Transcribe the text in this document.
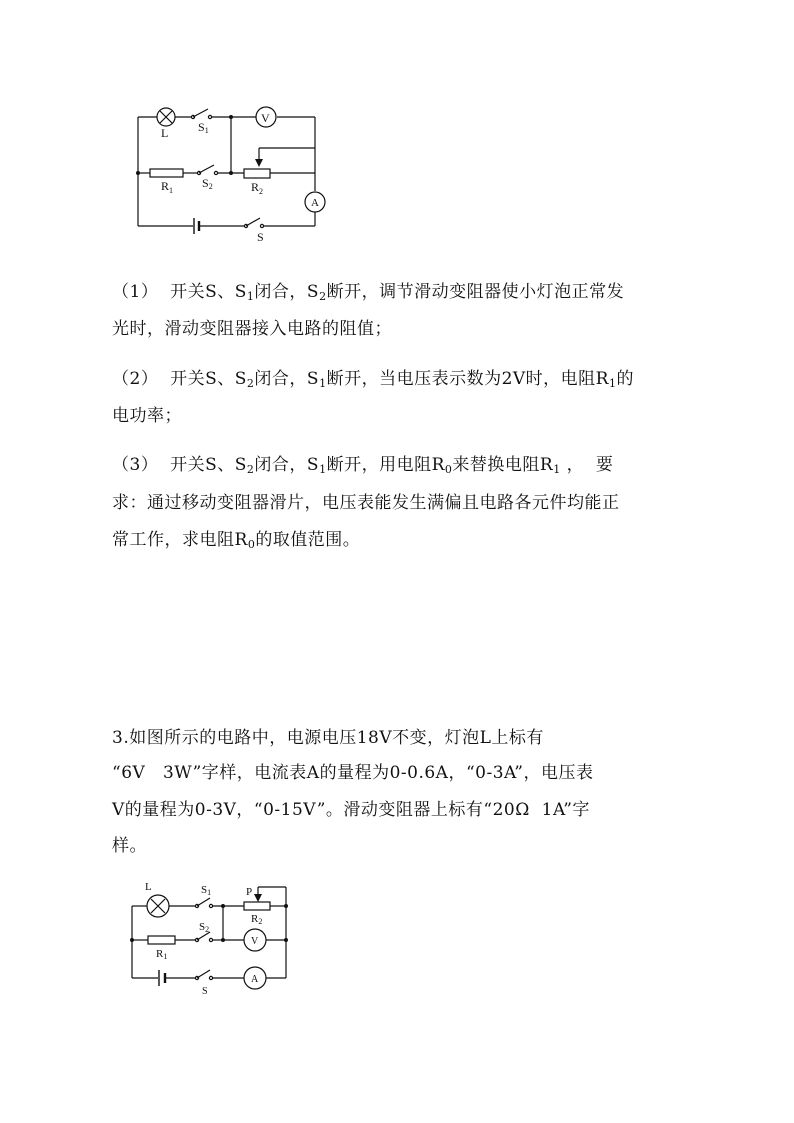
L S1
V
$R_1$
S2	$R_2$
A
S
（1）  开关S、$S_1$闭合，$S_2$断开，调节滑动变阻器使小灯泡正常发
光时，滑动变阻器接入电路的阻值；
（2）  开关S、$S_2$闭合，$S_1$断开，当电压表示数为2V时，电阻$R_1$的
电功率；
（3）  开关S、$S_2$闭合，$S_1$断开，用电阻$R_0$来替换电阻$R_1$ ，  要
求：通过移动变阻器滑片，电压表能发生满偏且电路各元件均能正
常工作，求电阻$R_0$的取值范围。
3.如图所示的电路中，电源电压18V不变，灯泡L上标有
“6V   3W”字样，电流表A的量程为0-0.6A，“0-3A”，电压表
V的量程为0-3V，“0-15V”。滑动变阻器上标有“20Ω  1A”字
样。
L	S1	P
R2
S2
V
R1
A
S
